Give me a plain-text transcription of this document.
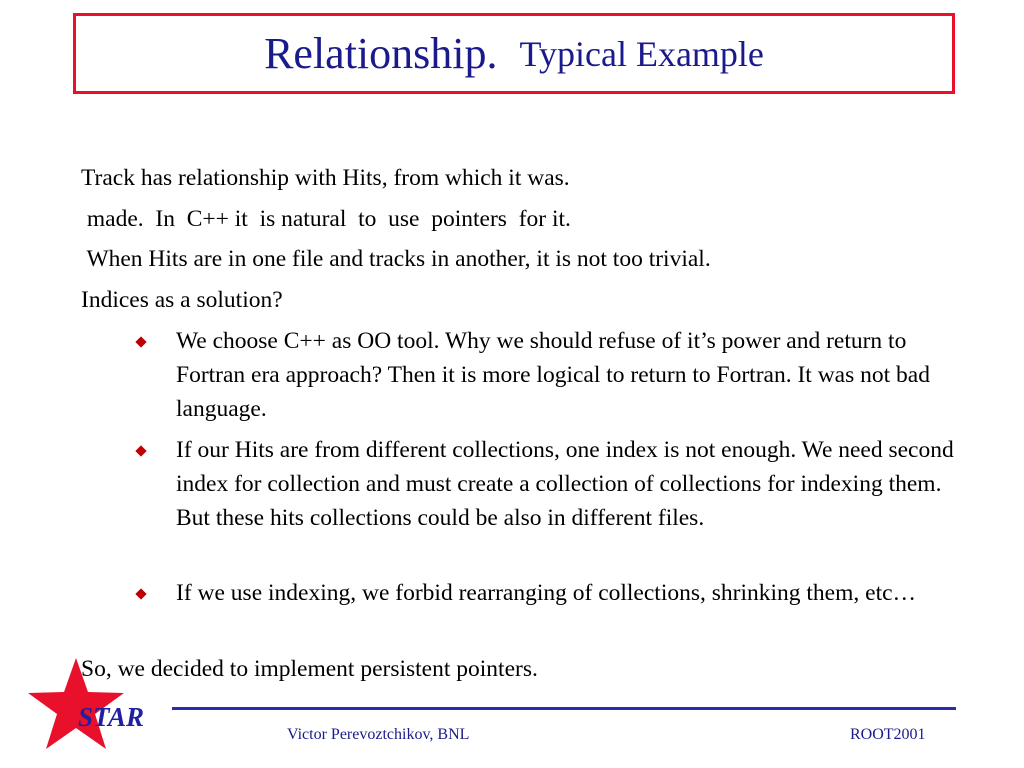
Relationship. Typical Example
Track has relationship with Hits, from which it was.
made.  In  C++ it  is natural  to  use  pointers  for it.
When Hits are in one file and tracks in another, it is not too trivial.
Indices as a solution?
We choose C++ as OO tool. Why we should refuse of it’s power and return to Fortran era approach? Then it is more logical to return to Fortran. It was not bad language.
If our Hits are from different collections, one index is not enough. We need second index for collection and must create a collection of collections for indexing them. But these hits collections could be also in different files.
If we use indexing, we forbid rearranging of collections, shrinking them, etc…
So, we decided to implement persistent pointers.
STAR
Victor Perevoztchikov, BNL	ROOT2001
